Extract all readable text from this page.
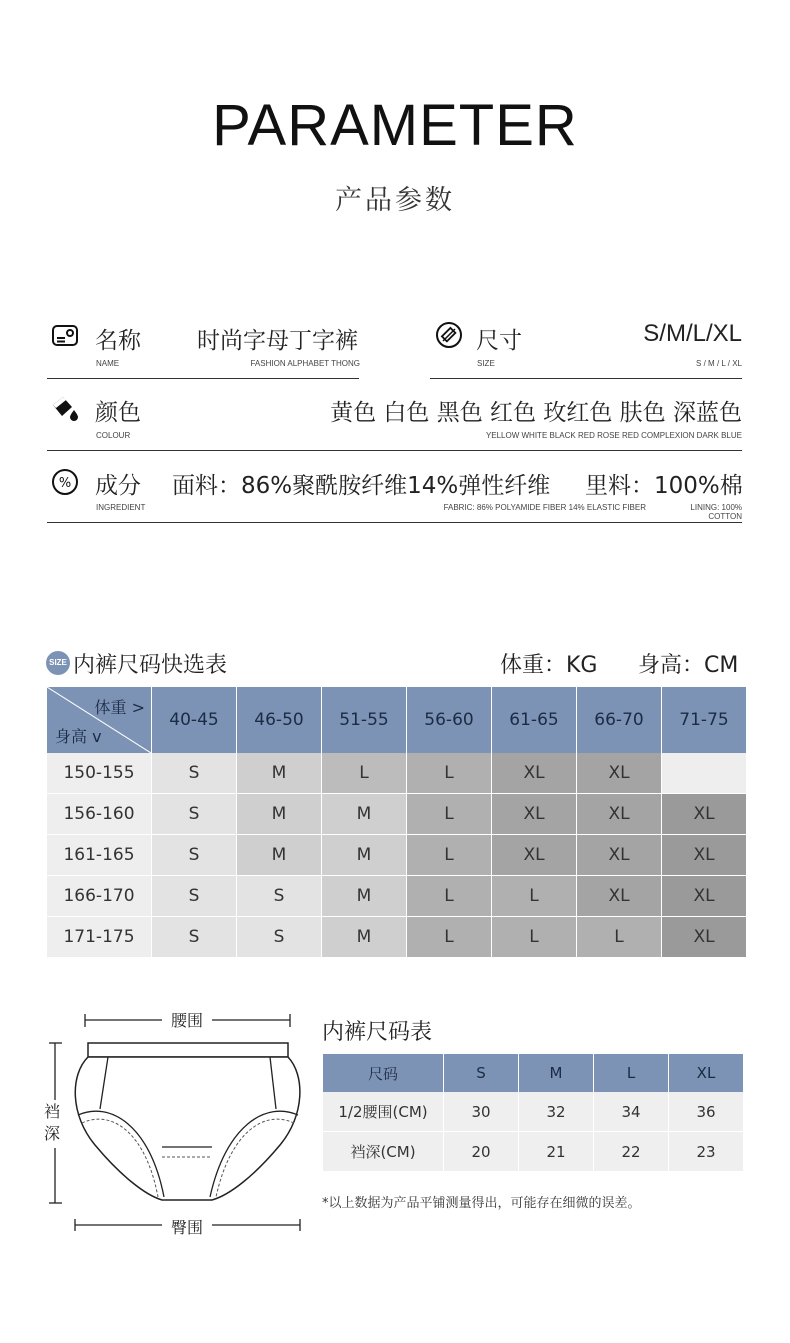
PARAMETER
产品参数
名称
NAME
时尚字母丁字裤
FASHION ALPHABET THONG
尺寸
SIZE
S/M/L/XL
S / M / L / XL
颜色
COLOUR
黄色 白色 黑色 红色 玫红色 肤色 深蓝色
YELLOW WHITE BLACK RED ROSE RED COMPLEXION DARK BLUE
% 成分
INGREDIENT
面料：86%聚酰胺纤维14%弹性纤维 里料：100%棉
FABRIC: 86% POLYAMIDE FIBER 14% ELASTIC FIBER	LINING: 100% COTTON
SIZE 内裤尺码快选表	体重：KG 身高：CM
体重 >
身高 v	40-45	46-50	51-55	56-60	61-65	66-70	71-75
150-155	S	M	L	L	XL	XL	
156-160	S	M	M	L	XL	XL	XL
161-165	S	M	M	L	XL	XL	XL
166-170	S	S	M	L	L	XL	XL
171-175	S	S	M	L	L	L	XL
腰围
裆深
臀围
内裤尺码表
尺码	S	M	L	XL
1/2腰围(CM)	30	32	34	36
裆深(CM)	20	21	22	23
*以上数据为产品平铺测量得出，可能存在细微的误差。
